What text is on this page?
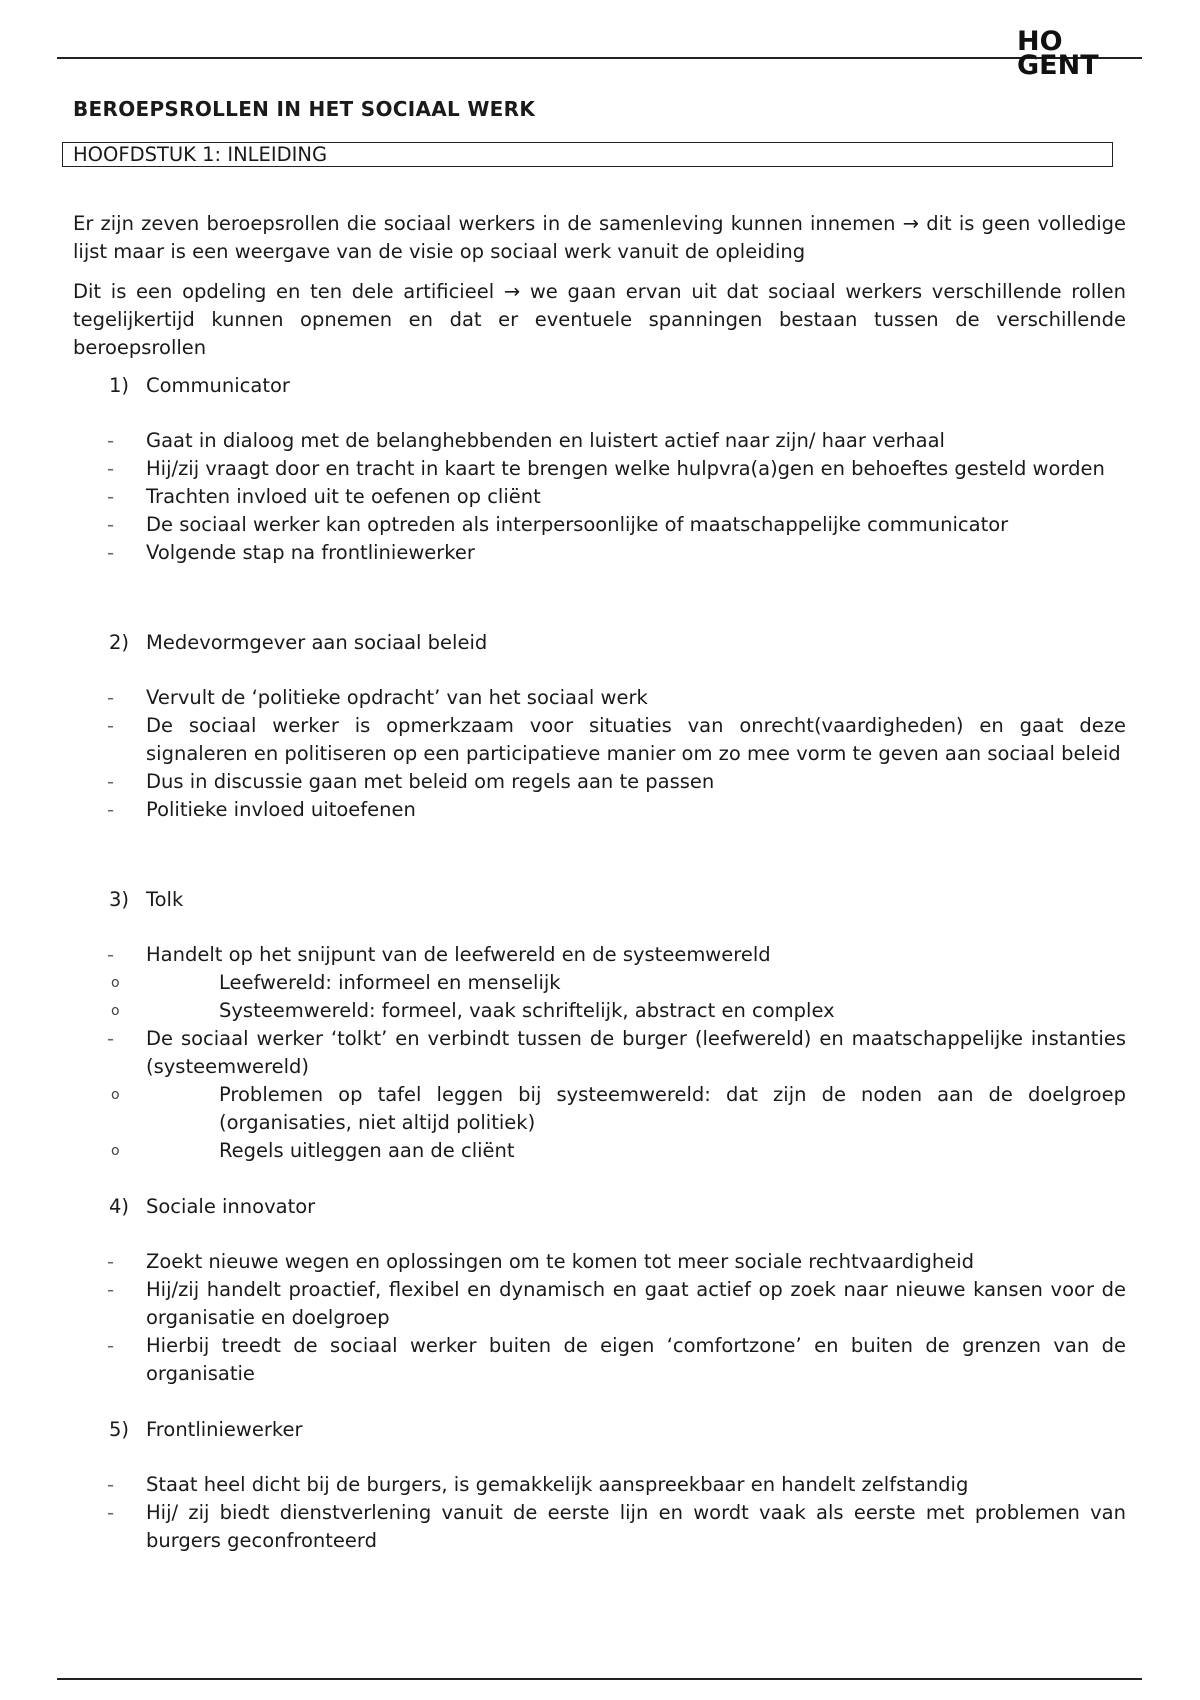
HO
GENT
BEROEPSROLLEN IN HET SOCIAAL WERK
HOOFDSTUK 1: INLEIDING

Er zijn zeven beroepsrollen die sociaal werkers in de samenleving kunnen innemen → dit is geen volledige lijst maar is een weergave van de visie op sociaal werk vanuit de opleiding

Dit is een opdeling en ten dele artificieel → we gaan ervan uit dat sociaal werkers verschillende rollen tegelijkertijd kunnen opnemen en dat er eventuele spanningen bestaan tussen de verschillende beroepsrollen

1) Communicator
- Gaat in dialoog met de belanghebbenden en luistert actief naar zijn/ haar verhaal
- Hij/zij vraagt door en tracht in kaart te brengen welke hulpvra(a)gen en behoeftes gesteld worden
- Trachten invloed uit te oefenen op cliënt
- De sociaal werker kan optreden als interpersoonlijke of maatschappelijke communicator
- Volgende stap na frontliniewerker
2) Medevormgever aan sociaal beleid
- Vervult de ‘politieke opdracht’ van het sociaal werk
- De sociaal werker is opmerkzaam voor situaties van onrecht(vaardigheden) en gaat deze signaleren en politiseren op een participatieve manier om zo mee vorm te geven aan sociaal beleid
- Dus in discussie gaan met beleid om regels aan te passen
- Politieke invloed uitoefenen
3) Tolk
- Handelt op het snijpunt van de leefwereld en de systeemwereld
o Leefwereld: informeel en menselijk
o Systeemwereld: formeel, vaak schriftelijk, abstract en complex
- De sociaal werker ‘tolkt’ en verbindt tussen de burger (leefwereld) en maatschappelijke instanties (systeemwereld)
o Problemen op tafel leggen bij systeemwereld: dat zijn de noden aan de doelgroep (organisaties, niet altijd politiek)
o Regels uitleggen aan de cliënt
4) Sociale innovator
- Zoekt nieuwe wegen en oplossingen om te komen tot meer sociale rechtvaardigheid
- Hij/zij handelt proactief, flexibel en dynamisch en gaat actief op zoek naar nieuwe kansen voor de organisatie en doelgroep
- Hierbij treedt de sociaal werker buiten de eigen ‘comfortzone’ en buiten de grenzen van de organisatie
5) Frontliniewerker
- Staat heel dicht bij de burgers, is gemakkelijk aanspreekbaar en handelt zelfstandig
- Hij/ zij biedt dienstverlening vanuit de eerste lijn en wordt vaak als eerste met problemen van burgers geconfronteerd
